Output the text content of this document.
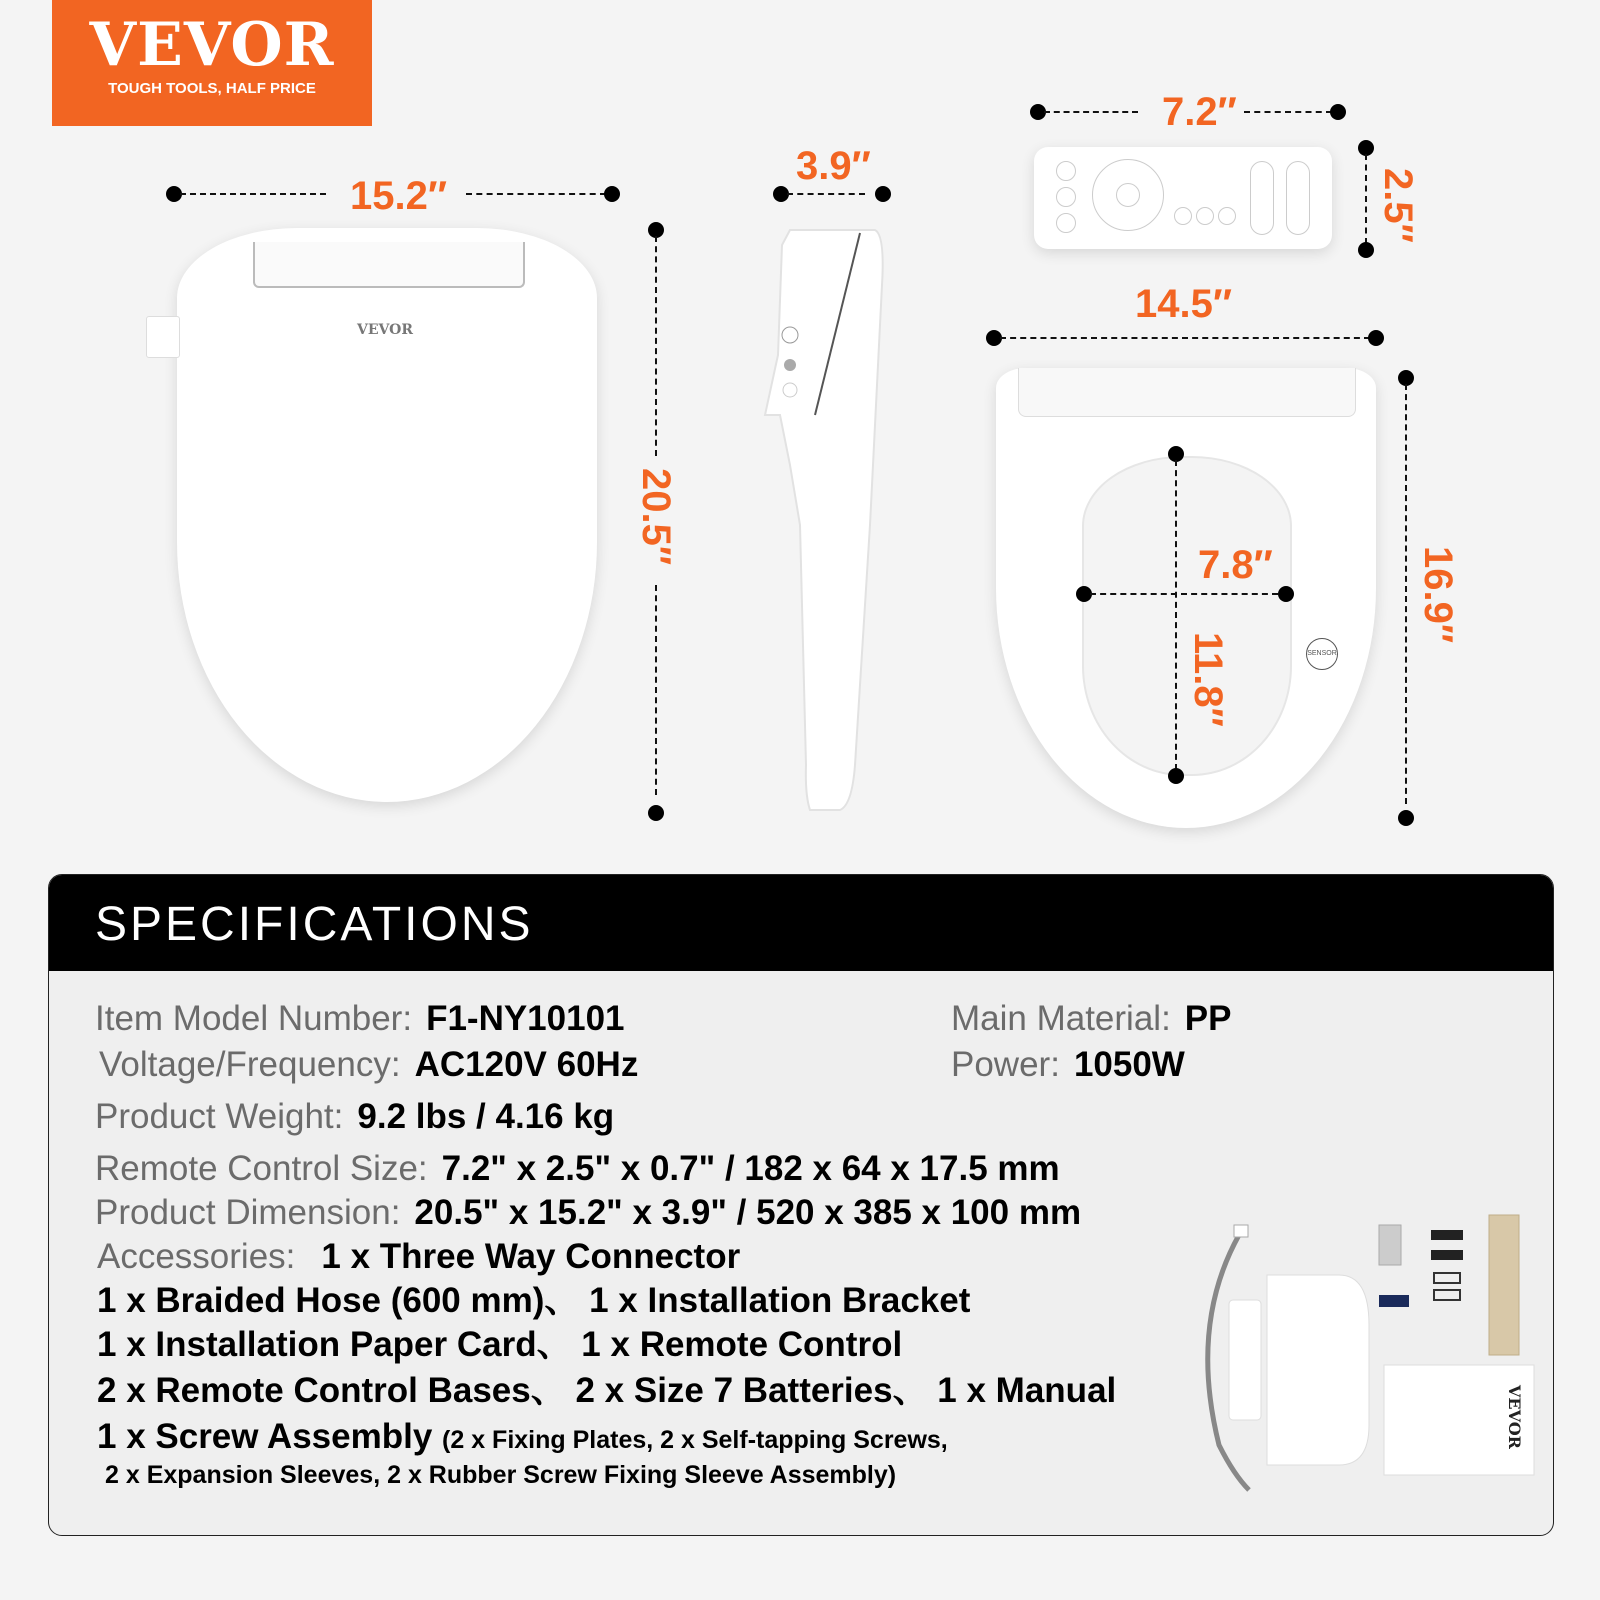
VEVOR
TOUGH TOOLS, HALF PRICE
15.2″
VEVOR
20.5″
3.9″
7.2″
2.5″
14.5″
SENSOR
7.8″
11.8″
16.9″
SPECIFICATIONS
Item Model Number: F1-NY10101
Voltage/Frequency: AC120V 60Hz
Product Weight: 9.2 lbs / 4.16 kg
Remote Control Size: 7.2" x 2.5" x 0.7" / 182 x 64 x 17.5 mm
Product Dimension: 20.5" x 15.2" x 3.9" / 520 x 385 x 100 mm
Main Material: PP
Power: 1050W
Accessories: 1 x Three Way Connector
1 x Braided Hose (600 mm)、 1 x Installation Bracket
1 x Installation Paper Card、 1 x Remote Control
2 x Remote Control Bases、 2 x Size 7 Batteries、 1 x Manual
1 x Screw Assembly (2 x Fixing Plates, 2 x Self-tapping Screws,
2 x Expansion Sleeves, 2 x Rubber Screw Fixing Sleeve Assembly)
VEVOR
